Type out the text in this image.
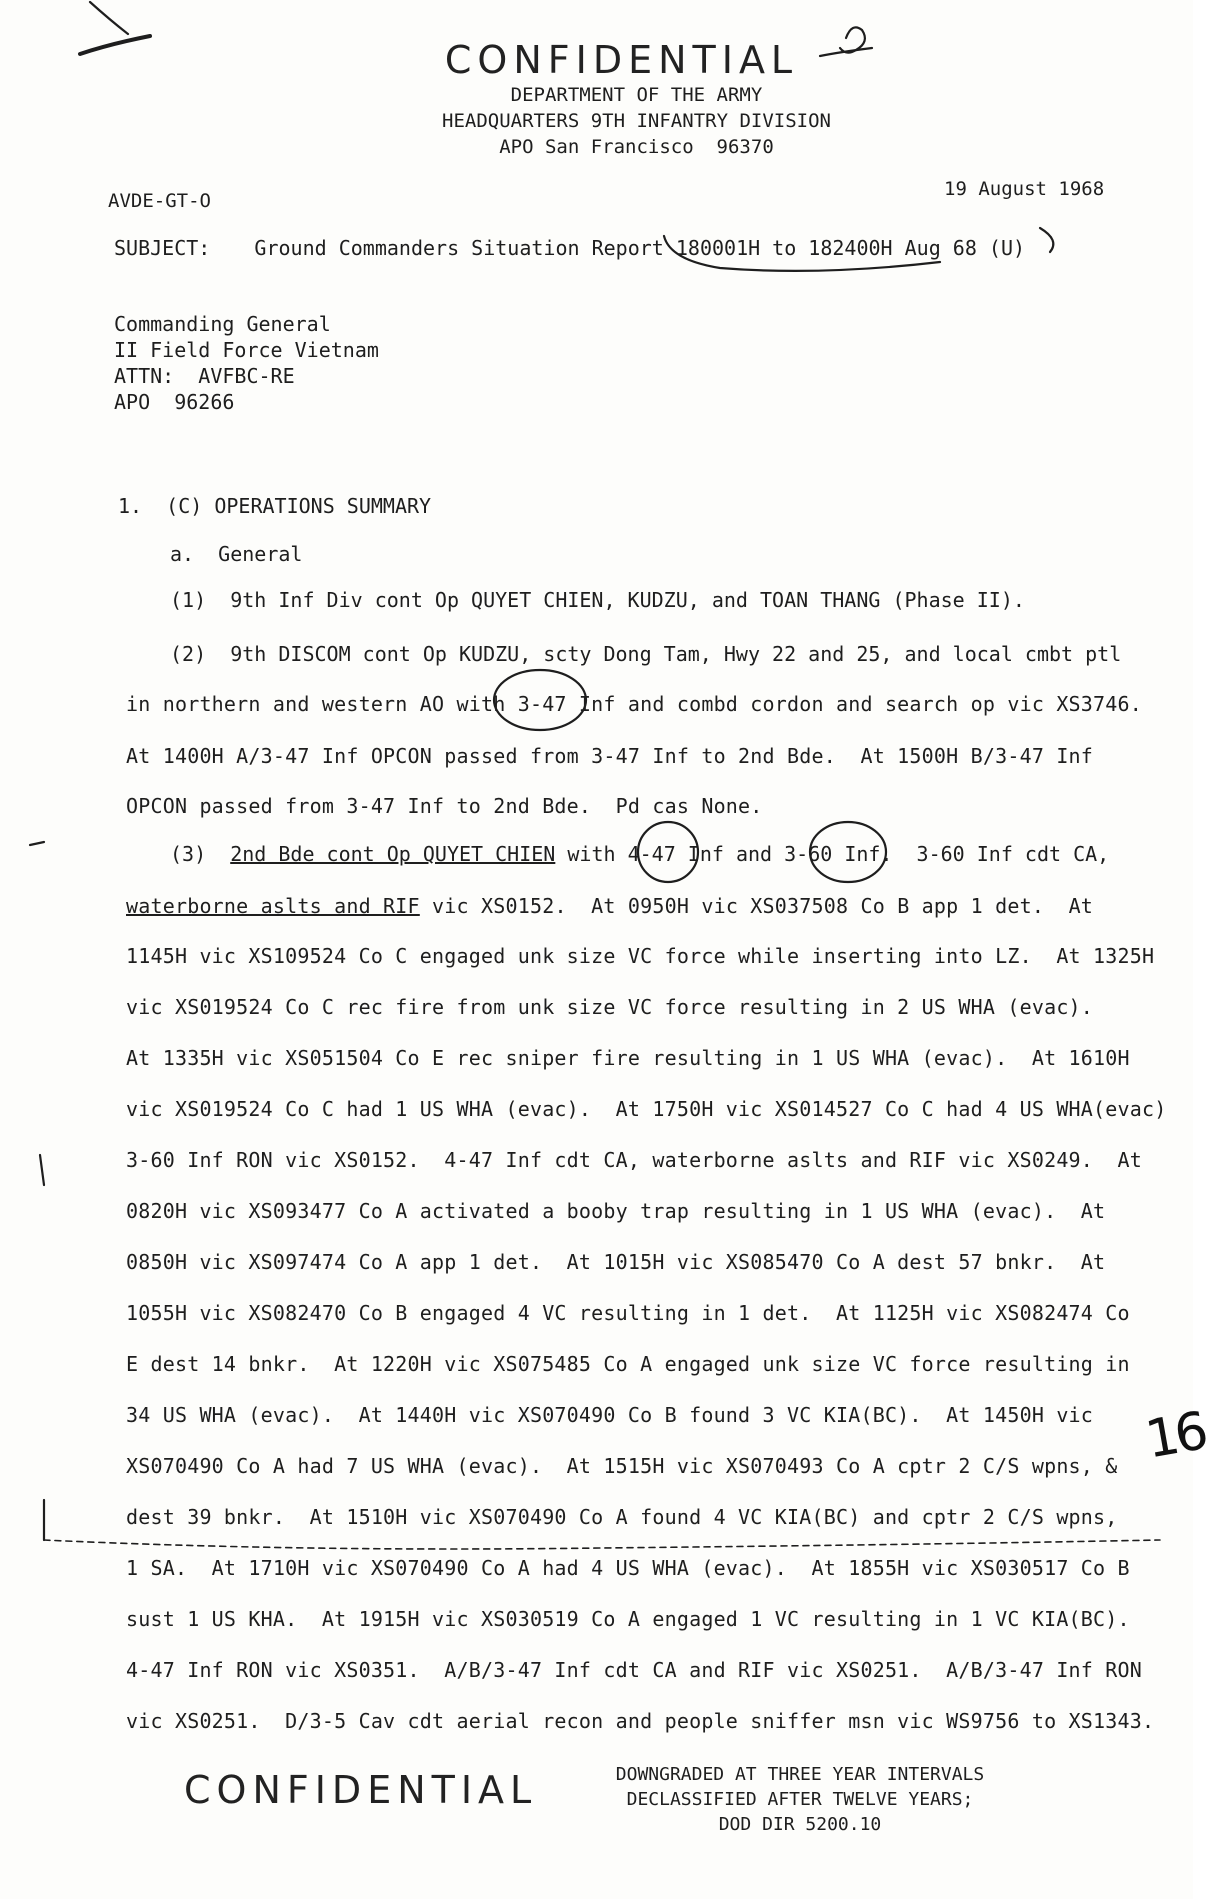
CONFIDENTIAL
DEPARTMENT OF THE ARMY
HEADQUARTERS 9TH INFANTRY DIVISION
APO San Francisco  96370
AVDE-GT-O
19 August 1968
SUBJECT: Ground Commanders Situation Report 180001H to 182400H Aug 68 (U)
Commanding General
II Field Force Vietnam
ATTN:  AVFBC-RE
APO  96266
1.  (C) OPERATIONS SUMMARY
a.  General
(1)  9th Inf Div cont Op QUYET CHIEN, KUDZU, and TOAN THANG (Phase II).
(2)  9th DISCOM cont Op KUDZU, scty Dong Tam, Hwy 22 and 25, and local cmbt ptl
in northern and western AO with 3-47 Inf and combd cordon and search op vic XS3746.
At 1400H A/3-47 Inf OPCON passed from 3-47 Inf to 2nd Bde.  At 1500H B/3-47 Inf
OPCON passed from 3-47 Inf to 2nd Bde.  Pd cas None.
(3)  2nd Bde cont Op QUYET CHIEN with 4-47 Inf and 3-60 Inf.  3-60 Inf cdt CA,
waterborne aslts and RIF vic XS0152.  At 0950H vic XS037508 Co B app 1 det.  At
1145H vic XS109524 Co C engaged unk size VC force while inserting into LZ.  At 1325H
vic XS019524 Co C rec fire from unk size VC force resulting in 2 US WHA (evac).
At 1335H vic XS051504 Co E rec sniper fire resulting in 1 US WHA (evac).  At 1610H
vic XS019524 Co C had 1 US WHA (evac).  At 1750H vic XS014527 Co C had 4 US WHA(evac)
3-60 Inf RON vic XS0152.  4-47 Inf cdt CA, waterborne aslts and RIF vic XS0249.  At
0820H vic XS093477 Co A activated a booby trap resulting in 1 US WHA (evac).  At
0850H vic XS097474 Co A app 1 det.  At 1015H vic XS085470 Co A dest 57 bnkr.  At
1055H vic XS082470 Co B engaged 4 VC resulting in 1 det.  At 1125H vic XS082474 Co
E dest 14 bnkr.  At 1220H vic XS075485 Co A engaged unk size VC force resulting in
34 US WHA (evac).  At 1440H vic XS070490 Co B found 3 VC KIA(BC).  At 1450H vic
XS070490 Co A had 7 US WHA (evac).  At 1515H vic XS070493 Co A cptr 2 C/S wpns, &
dest 39 bnkr.  At 1510H vic XS070490 Co A found 4 VC KIA(BC) and cptr 2 C/S wpns,
1 SA.  At 1710H vic XS070490 Co A had 4 US WHA (evac).  At 1855H vic XS030517 Co B
sust 1 US KHA.  At 1915H vic XS030519 Co A engaged 1 VC resulting in 1 VC KIA(BC).
4-47 Inf RON vic XS0351.  A/B/3-47 Inf cdt CA and RIF vic XS0251.  A/B/3-47 Inf RON
vic XS0251.  D/3-5 Cav cdt aerial recon and people sniffer msn vic WS9756 to XS1343.
16
CONFIDENTIAL	DOWNGRADED AT THREE YEAR INTERVALS
DECLASSIFIED AFTER TWELVE YEARS;
DOD DIR 5200.10
